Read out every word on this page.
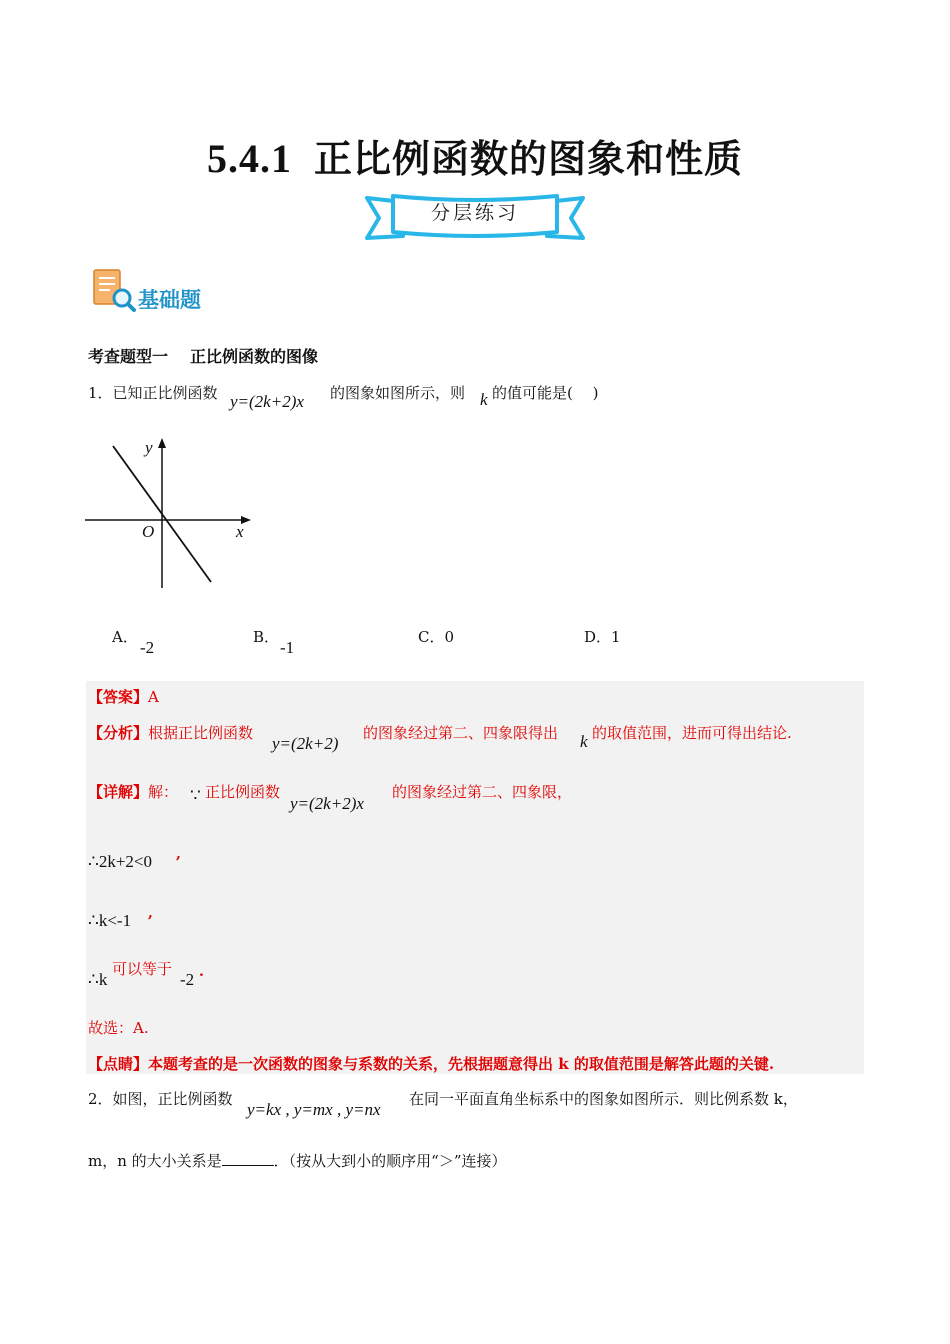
5.4.1 正比例函数的图象和性质
分层练习
基础题
考查题型一 正比例函数的图像
1．已知正比例函数 y=(2k+2)x 的图象如图所示，则 k 的值可能是(　 )
y
x
O
A．
-2
B．
-1
C．0	D．1
【答案】A
【分析】根据正比例函数
y=(2k+2)
的图象经过第二、四象限得出 k 的取值范围，进而可得出结论.
【详解】解： ∵ 正比例函数
y=(2k+2)x
的图象经过第二、四象限，
∴2k+2<0 ,
∴k<-1 ,
∴k
可以等于
-2 .
故选：A.
【点睛】本题考查的是一次函数的图象与系数的关系，先根据题意得出 k 的取值范围是解答此题的关键.
2．如图，正比例函数
y=kx , y=mx , y=nx
在同一平面直角坐标系中的图象如图所示．则比例系数 k，
m，n 的大小关系是	．（按从大到小的顺序用“＞”连接）
